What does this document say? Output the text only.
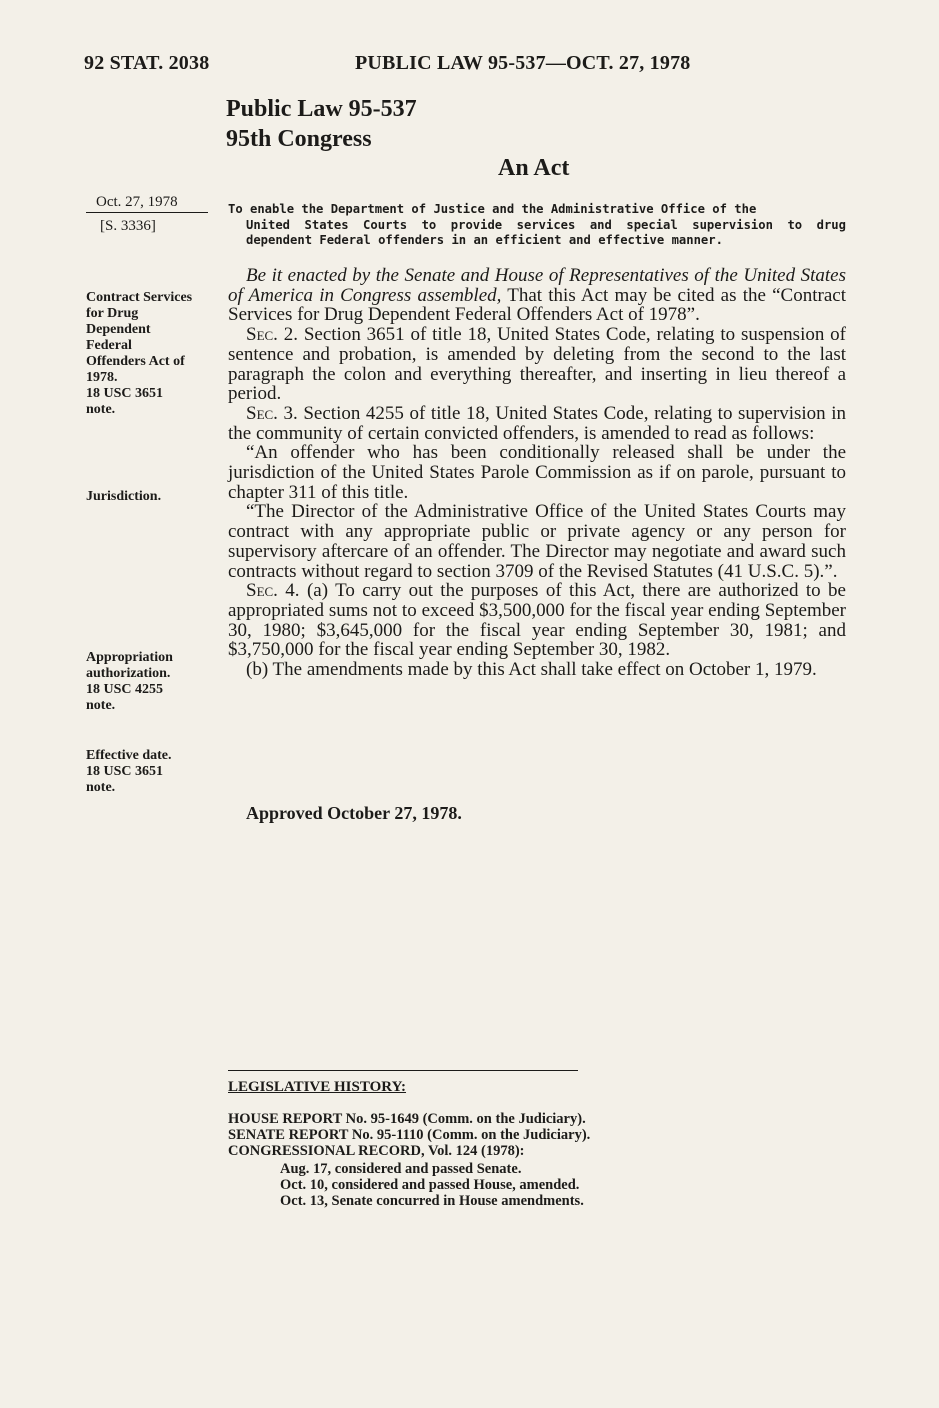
92 STAT. 2038	PUBLIC LAW 95-537—OCT. 27, 1978
Public Law 95-537
95th Congress
An Act
Oct. 27, 1978
[S. 3336]
To enable the Department of Justice and the Administrative Office of the
United States Courts to provide services and special supervision to drug dependent Federal offenders in an efficient and effective manner.
Contract Services
for Drug
Dependent
Federal
Offenders Act of
1978.
18 USC 3651
note.
Jurisdiction.
Appropriation
authorization.
18 USC 4255
note.
Effective date.
18 USC 3651
note.

Be it enacted by the Senate and House of Representatives of the United States of America in Congress assembled, That this Act may be cited as the “Contract Services for Drug Dependent Federal Offenders Act of 1978”.

Sec. 2. Section 3651 of title 18, United States Code, relating to suspension of sentence and probation, is amended by deleting from the second to the last paragraph the colon and everything thereafter, and inserting in lieu thereof a period.

Sec. 3. Section 4255 of title 18, United States Code, relating to supervision in the community of certain convicted offenders, is amended to read as follows:

“An offender who has been conditionally released shall be under the jurisdiction of the United States Parole Commission as if on parole, pursuant to chapter 311 of this title.

“The Director of the Administrative Office of the United States Courts may contract with any appropriate public or private agency or any person for supervisory aftercare of an offender. The Director may negotiate and award such contracts without regard to section 3709 of the Revised Statutes (41 U.S.C. 5).”.

Sec. 4. (a) To carry out the purposes of this Act, there are authorized to be appropriated sums not to exceed $3,500,000 for the fiscal year ending September 30, 1980; $3,645,000 for the fiscal year ending September 30, 1981; and $3,750,000 for the fiscal year ending September 30, 1982.

(b) The amendments made by this Act shall take effect on October 1, 1979.

Approved October 27, 1978.
LEGISLATIVE HISTORY:
HOUSE REPORT No. 95-1649 (Comm. on the Judiciary).
SENATE REPORT No. 95-1110 (Comm. on the Judiciary).
CONGRESSIONAL RECORD, Vol. 124 (1978):
Aug. 17, considered and passed Senate.
Oct. 10, considered and passed House, amended.
Oct. 13, Senate concurred in House amendments.
